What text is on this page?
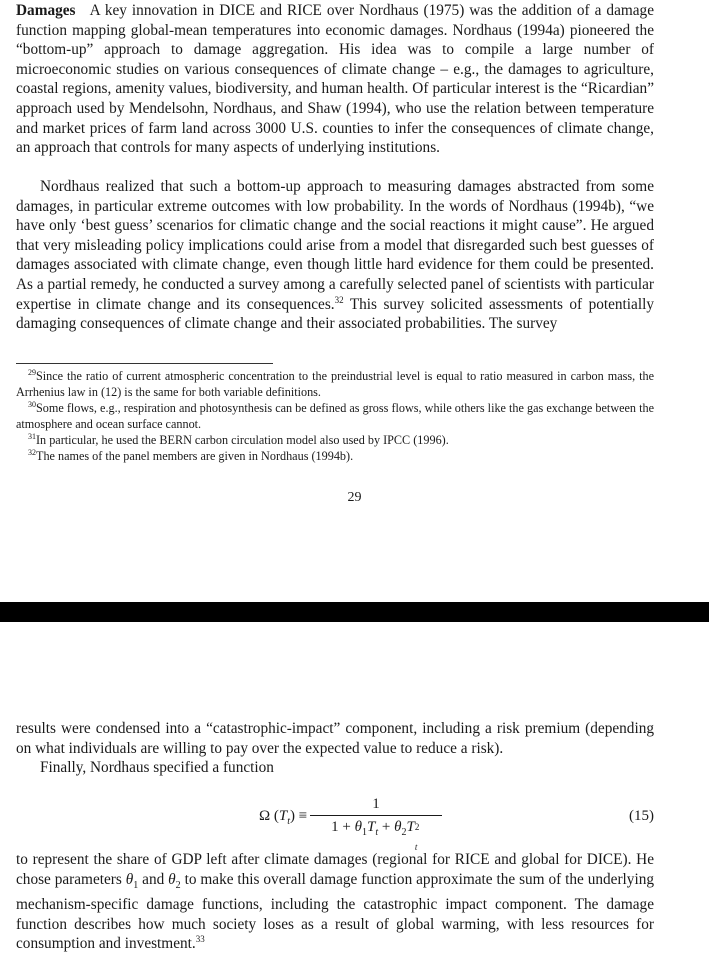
Damages A key innovation in DICE and RICE over Nordhaus (1975) was the addition of a damage function mapping global-mean temperatures into economic damages. Nordhaus (1994a) pioneered the “bottom-up” approach to damage aggregation. His idea was to compile a large number of microeconomic studies on various consequences of climate change – e.g., the damages to agriculture, coastal regions, amenity values, biodiversity, and human health. Of particular interest is the “Ricardian” approach used by Mendelsohn, Nordhaus, and Shaw (1994), who use the relation between temperature and market prices of farm land across 3000 U.S. counties to infer the consequences of climate change, an approach that controls for many aspects of underlying institutions.

Nordhaus realized that such a bottom-up approach to measuring damages abstracted from some damages, in particular extreme outcomes with low probability. In the words of Nordhaus (1994b), “we have only ‘best guess’ scenarios for climatic change and the social reactions it might cause”. He argued that very misleading policy implications could arise from a model that disregarded such best guesses of damages associated with climate change, even though little hard evidence for them could be presented. As a partial remedy, he conducted a survey among a carefully selected panel of scientists with particular expertise in climate change and its consequences.$^{32}$ This survey solicited assessments of potentially damaging consequences of climate change and their associated probabilities. The survey

$^{29}$Since the ratio of current atmospheric concentration to the preindustrial level is equal to ratio measured in carbon mass, the Arrhenius law in (12) is the same for both variable definitions.

$^{30}$Some flows, e.g., respiration and photosynthesis can be defined as gross flows, while others like the gas exchange between the atmosphere and ocean surface cannot.

$^{31}$In particular, he used the BERN carbon circulation model also used by IPCC (1996).

$^{32}$The names of the panel members are given in Nordhaus (1994b).

29

results were condensed into a “catastrophic-impact” component, including a risk premium (depending on what individuals are willing to pay over the expected value to reduce a risk).

Finally, Nordhaus specified a function

Ω $(T_t)$ ≡
1
$1 + \theta_1T_t + \theta_2T$ 2
t
(15)

to represent the share of GDP left after climate damages (regional for RICE and global for DICE). He chose parameters $\theta_1$ and $\theta_2$ to make this overall damage function approximate the sum of the underlying mechanism-specific damage functions, including the catastrophic impact component. The damage function describes how much society loses as a result of global warming, with less resources for consumption and investment.$^{33}$
